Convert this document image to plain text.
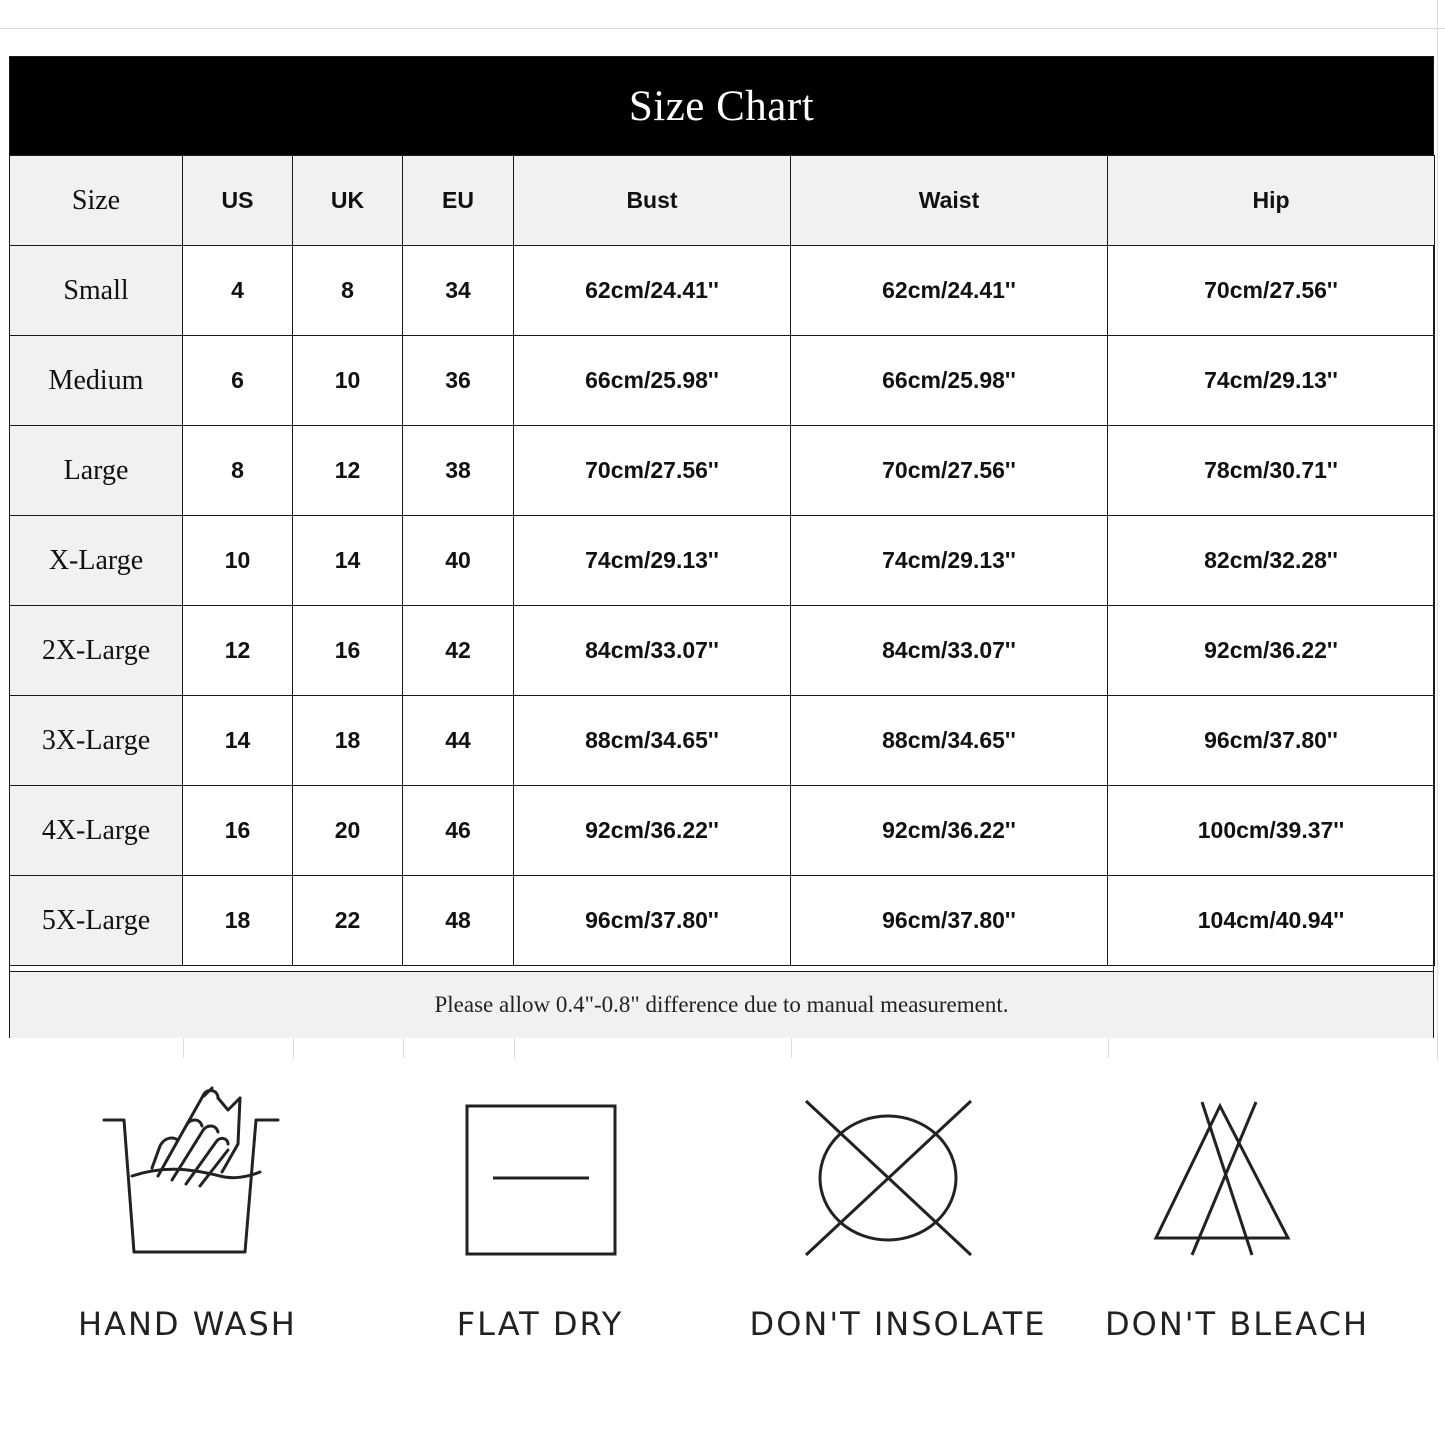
Size Chart
Size	US	UK	EU	Bust	Waist	Hip
Small	4	8	34	62cm/24.41''	62cm/24.41''	70cm/27.56''
Medium	6	10	36	66cm/25.98''	66cm/25.98''	74cm/29.13''
Large	8	12	38	70cm/27.56''	70cm/27.56''	78cm/30.71''
X-Large	10	14	40	74cm/29.13''	74cm/29.13''	82cm/32.28''
2X-Large	12	16	42	84cm/33.07''	84cm/33.07''	92cm/36.22''
3X-Large	14	18	44	88cm/34.65''	88cm/34.65''	96cm/37.80''
4X-Large	16	20	46	92cm/36.22''	92cm/36.22''	100cm/39.37''
5X-Large	18	22	48	96cm/37.80''	96cm/37.80''	104cm/40.94''
Please allow 0.4"-0.8" difference due to manual measurement.
HAND WASH	FLAT DRY	DON'T INSOLATE	DON'T BLEACH
